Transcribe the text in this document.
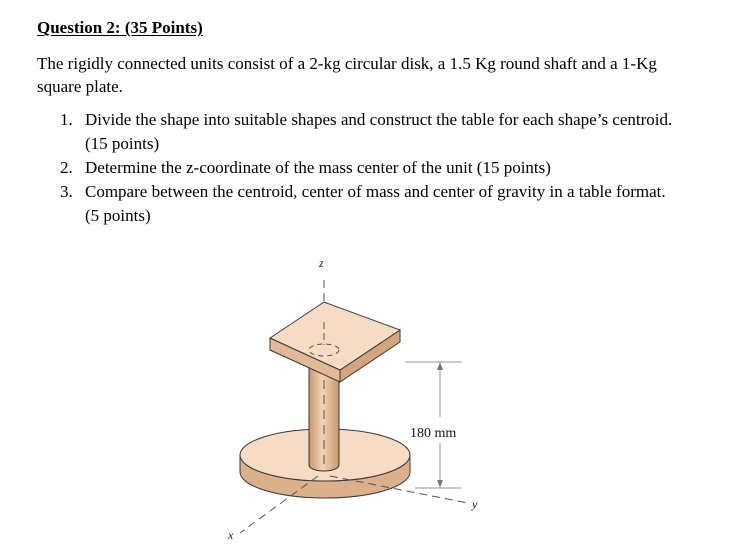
Question 2: (35 Points)
The rigidly connected units consist of a 2-kg circular disk, a 1.5 Kg round shaft and a 1-Kg square plate.
1. Divide the shape into suitable shapes and construct the table for each shape’s centroid. (15 points)
2. Determine the z-coordinate of the mass center of the unit (15 points)
3. Compare between the centroid, center of mass and center of gravity in a table format. (5 points)
z
x
180 mm
y
